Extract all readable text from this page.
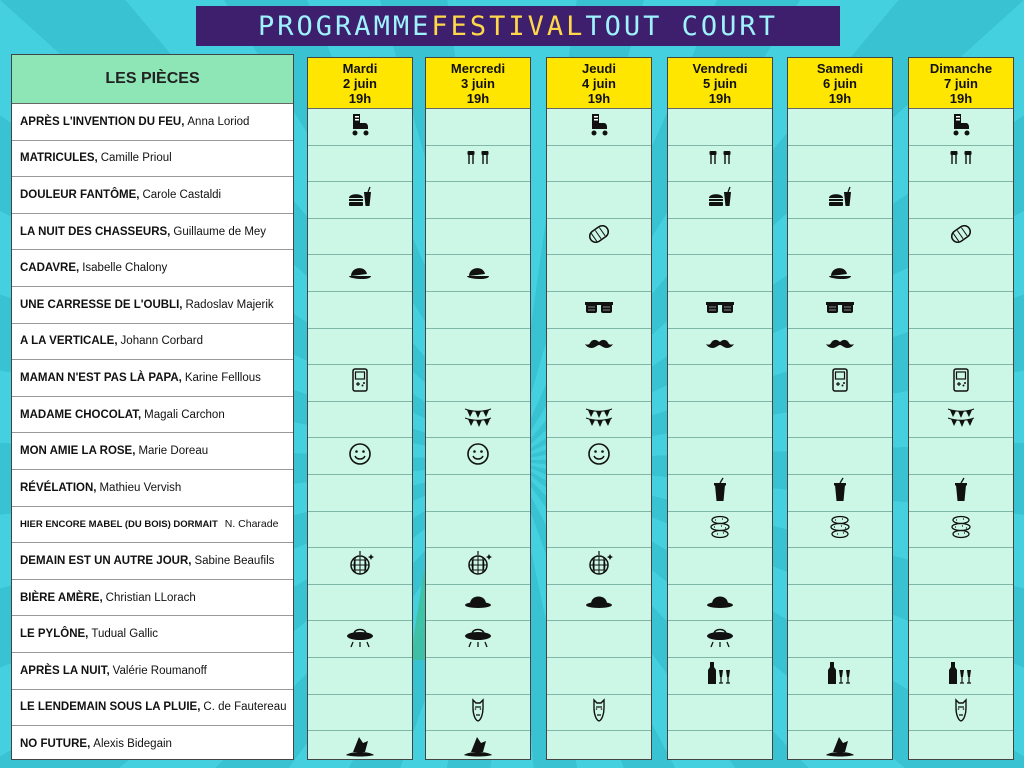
PROGRAMME FESTIVAL TOUT COURT
LES PIÈCES
APRÈS L'INVENTION DU FEU, Anna Loriod
MATRICULES, Camille Prioul
DOULEUR FANTÔME, Carole Castaldi
LA NUIT DES CHASSEURS, Guillaume de Mey
CADAVRE, Isabelle Chalony
UNE CARRESSE DE L'OUBLI, Radoslav Majerik
A LA VERTICALE, Johann Corbard
MAMAN N'EST PAS LÀ PAPA, Karine Felllous
MADAME CHOCOLAT, Magali Carchon
MON AMIE LA ROSE, Marie Doreau
RÉVÉLATION, Mathieu Vervish
HIER ENCORE MABEL (DU BOIS) DORMAIT N. Charade
DEMAIN EST UN AUTRE JOUR, Sabine Beaufils
BIÈRE AMÈRE, Christian LLorach
LE PYLÔNE, Tudual Gallic
APRÈS LA NUIT, Valérie Roumanoff
LE LENDEMAIN SOUS LA PLUIE, C. de Fautereau
NO FUTURE, Alexis Bidegain
Mardi
2 juin
19h
Mercredi
3 juin
19h
Jeudi
4 juin
19h
Vendredi
5 juin
19h
Samedi
6 juin
19h
Dimanche
7 juin
19h
